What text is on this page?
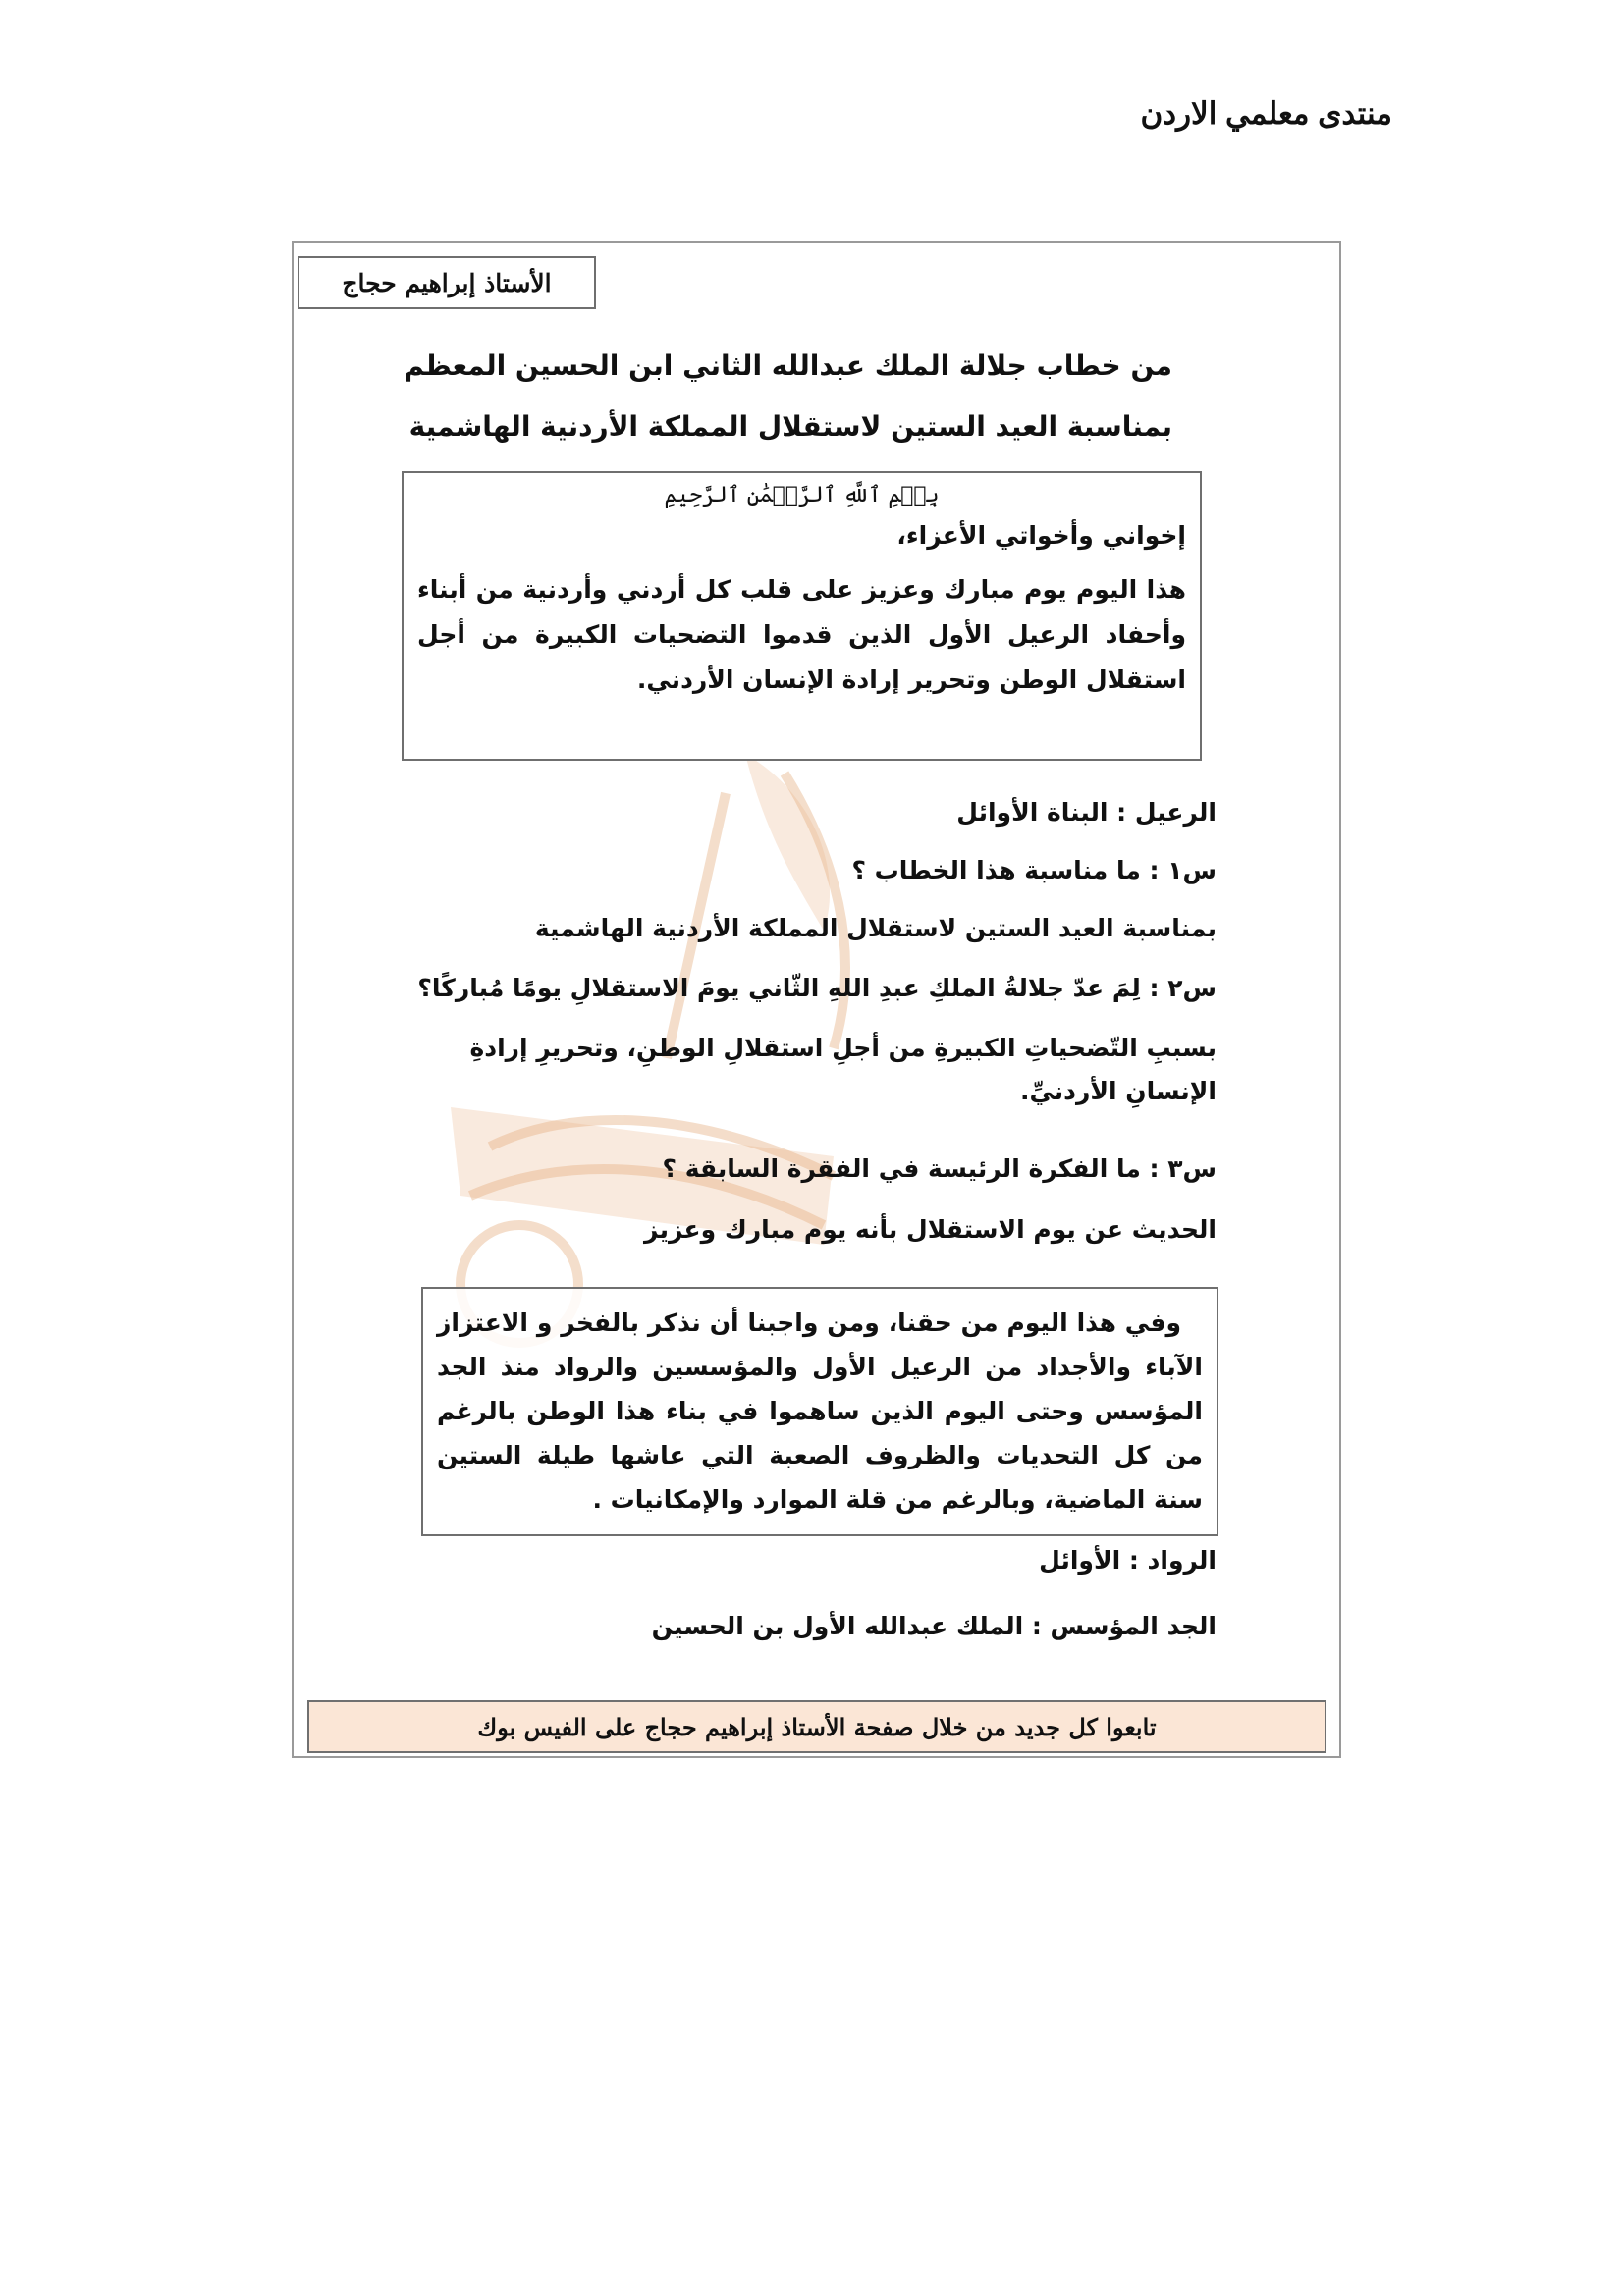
منتدى معلمي الاردن
الأستاذ إبراهيم حجاج
من خطاب جلالة الملك عبدالله الثاني ابن الحسين المعظم
بمناسبة العيد الستين لاستقلال المملكة الأردنية الهاشمية
بِسۡمِ ٱللَّهِ ٱلرَّحۡمَٰنِ ٱلرَّحِيمِ
إخواني وأخواتي الأعزاء،
هذا اليوم يوم مبارك وعزيز على قلب كل أردني وأردنية من أبناء وأحفاد الرعيل الأول الذين قدموا التضحيات الكبيرة من أجل استقلال الوطن وتحرير إرادة الإنسان الأردني.
الرعيل : البناة الأوائل
س١ : ما مناسبة هذا الخطاب ؟
بمناسبة العيد الستين لاستقلال المملكة الأردنية الهاشمية
س٢ : لِمَ عدّ جلالةُ الملكِ عبدِ اللهِ الثّاني يومَ الاستقلالِ يومًا مُباركًا؟
بسببِ التّضحياتِ الكبيرةِ من أجلِ استقلالِ الوطنِ، وتحريرِ إرادةِ الإنسانِ الأردنيِّ.
س٣ : ما الفكرة الرئيسة في الفقرة السابقة ؟
الحديث عن يوم الاستقلال بأنه يوم مبارك وعزيز

وفي هذا اليوم من حقنا، ومن واجبنا أن نذكر بالفخر و الاعتزاز الآباء والأجداد من الرعيل الأول والمؤسسين والرواد منذ الجد المؤسس وحتى اليوم الذين ساهموا في بناء هذا الوطن بالرغم من كل التحديات والظروف الصعبة التي عاشها طيلة الستين سنة الماضية، وبالرغم من قلة الموارد والإمكانيات .

الرواد : الأوائل
الجد المؤسس : الملك عبدالله الأول بن الحسين
تابعوا كل جديد من خلال صفحة الأستاذ إبراهيم حجاج على الفيس بوك
